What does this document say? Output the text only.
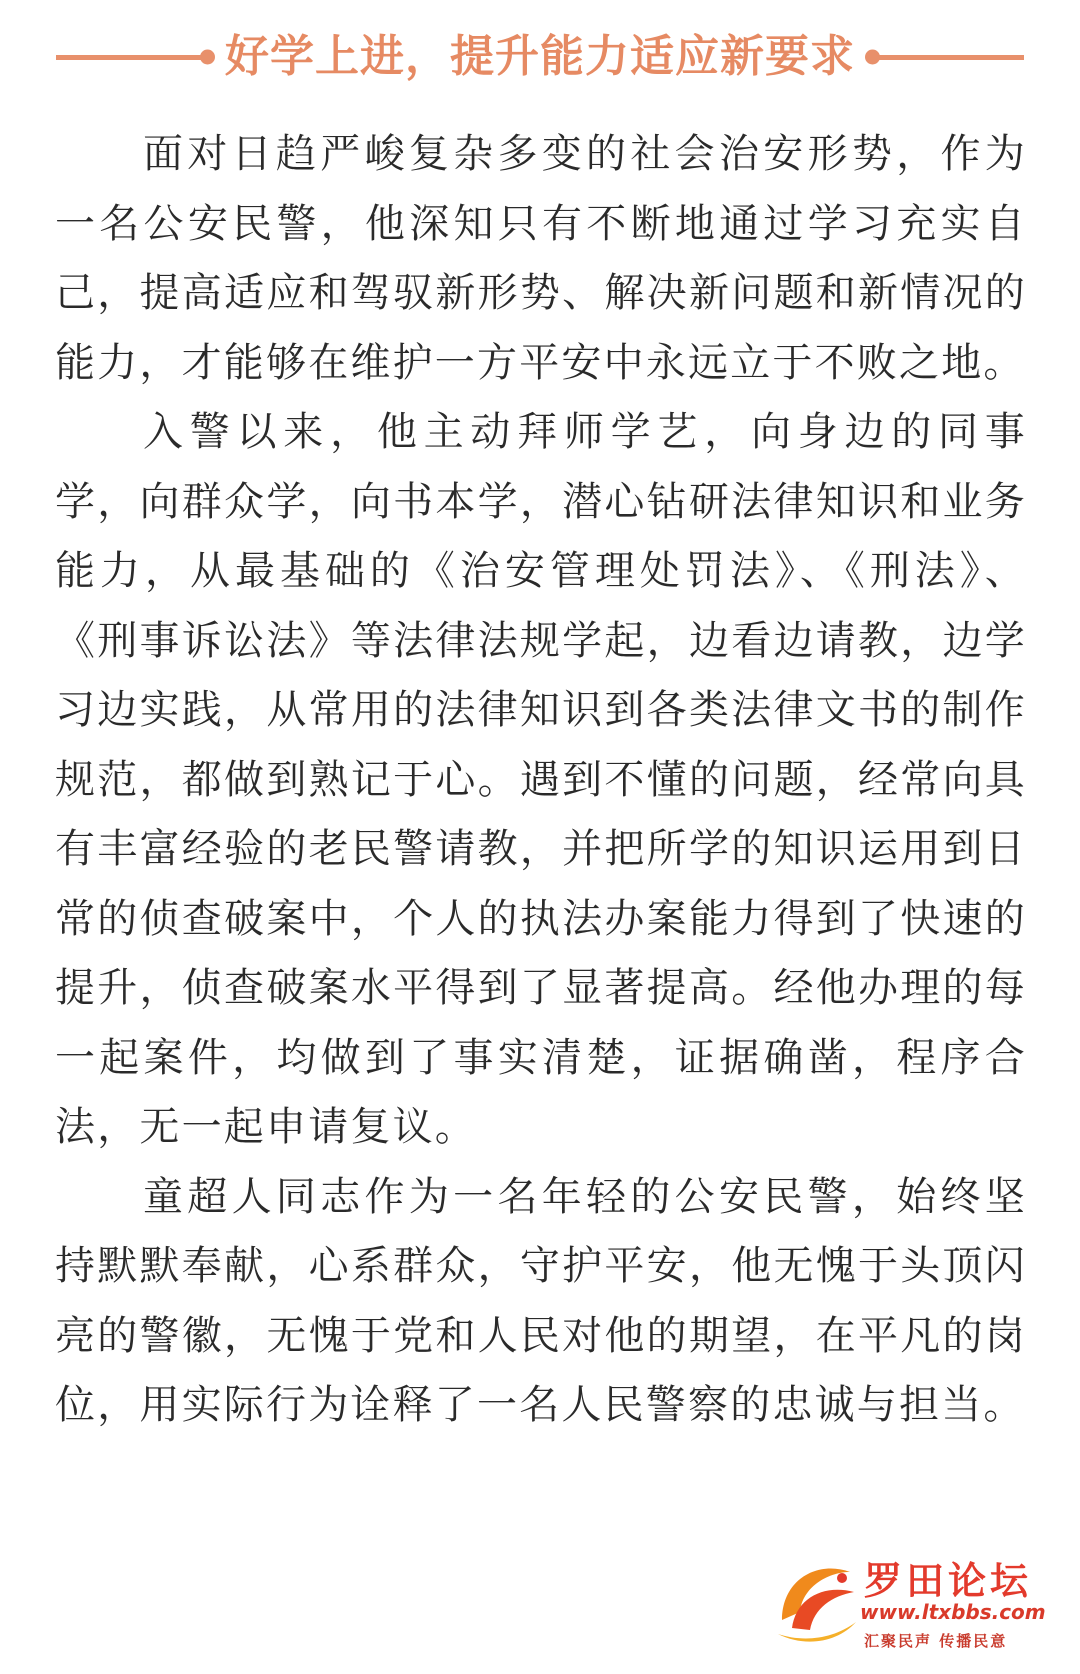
好学上进，提升能力适应新要求

面对日趋严峻复杂多变的社会治安形势，作为一名公安民警，他深知只有不断地通过学习充实自己，提高适应和驾驭新形势、解决新问题和新情况的能力，才能够在维护一方平安中永远立于不败之地。

入警以来，他主动拜师学艺，向身边的同事学，向群众学，向书本学，潜心钻研法律知识和业务能力，从最基础的《治安管理处罚法》、《刑法》、《刑事诉讼法》等法律法规学起，边看边请教，边学习边实践，从常用的法律知识到各类法律文书的制作规范，都做到熟记于心。遇到不懂的问题，经常向具有丰富经验的老民警请教，并把所学的知识运用到日常的侦查破案中，个人的执法办案能力得到了快速的提升，侦查破案水平得到了显著提高。经他办理的每一起案件，均做到了事实清楚，证据确凿，程序合法，无一起申请复议。

童超人同志作为一名年轻的公安民警，始终坚持默默奉献，心系群众，守护平安，他无愧于头顶闪亮的警徽，无愧于党和人民对他的期望，在平凡的岗位，用实际行为诠释了一名人民警察的忠诚与担当。

罗田论坛
www.ltxbbs.com
汇聚民声 传播民意
